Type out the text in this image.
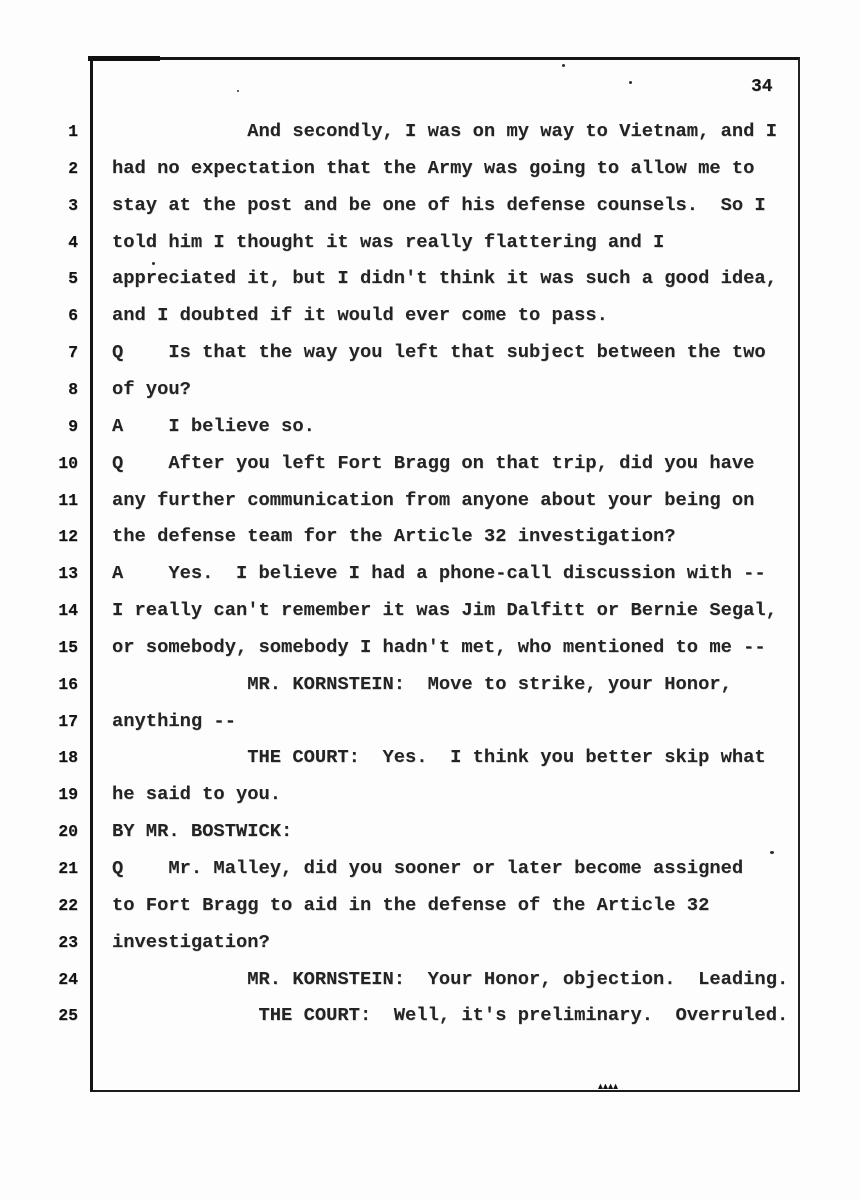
34
1 And secondly, I was on my way to Vietnam, and I
2 had no expectation that the Army was going to allow me to
3 stay at the post and be one of his defense counsels.  So I
4 told him I thought it was really flattering and I
5 appreciated it, but I didn't think it was such a good idea,
6 and I doubted if it would ever come to pass.
7 Q    Is that the way you left that subject between the two
8 of you?
9 A    I believe so.
10 Q    After you left Fort Bragg on that trip, did you have
11 any further communication from anyone about your being on
12 the defense team for the Article 32 investigation?
13 A    Yes.  I believe I had a phone-call discussion with --
14 I really can't remember it was Jim Dalfitt or Bernie Segal,
15 or somebody, somebody I hadn't met, who mentioned to me --
16 MR. KORNSTEIN:  Move to strike, your Honor,
17 anything --
18 THE COURT:  Yes.  I think you better skip what
19 he said to you.
20 BY MR. BOSTWICK:
21 Q    Mr. Malley, did you sooner or later become assigned
22 to Fort Bragg to aid in the defense of the Article 32
23 investigation?
24 MR. KORNSTEIN:  Your Honor, objection.  Leading.
25 THE COURT:  Well, it's preliminary.  Overruled.
